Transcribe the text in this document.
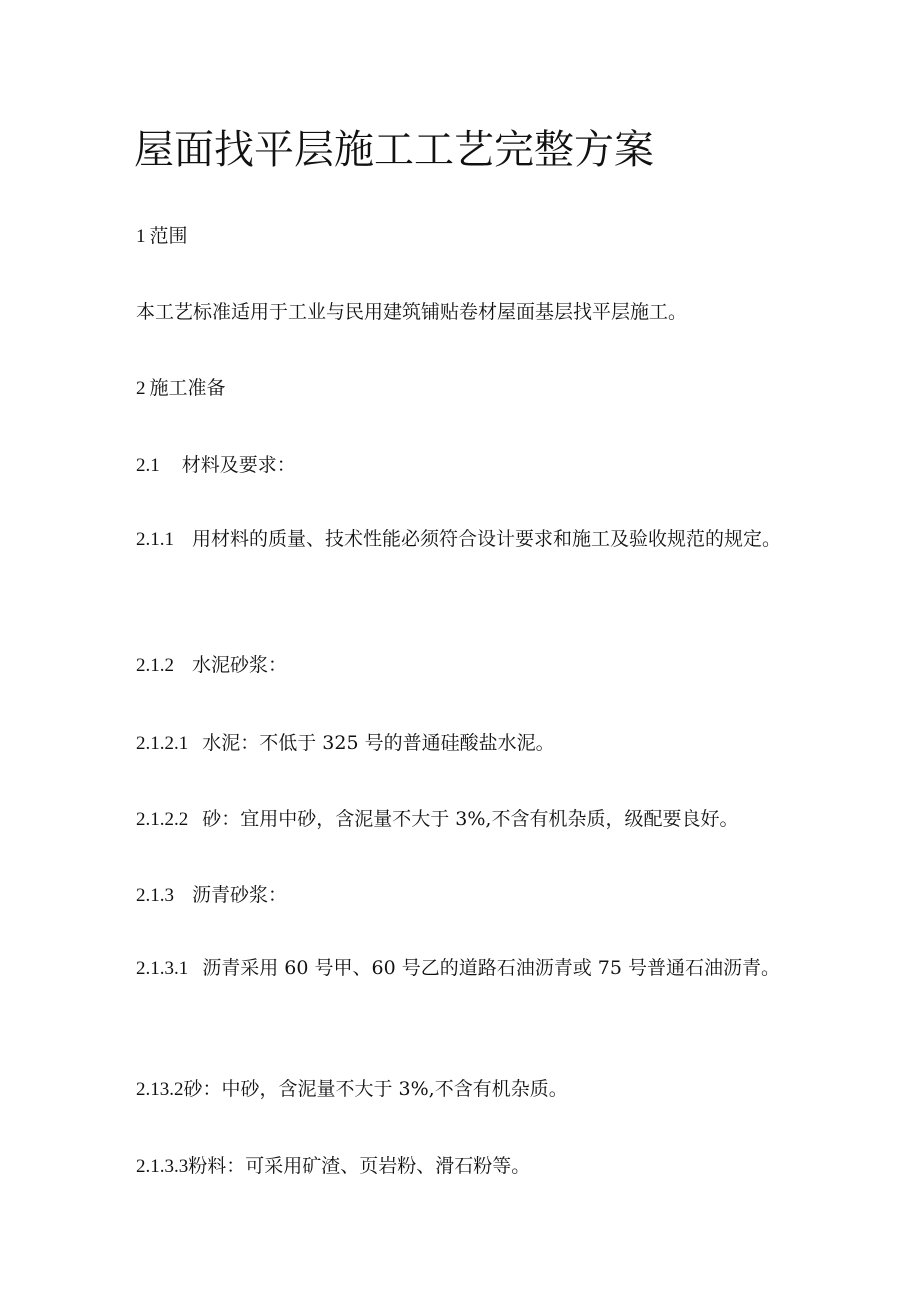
屋面找平层施工工艺完整方案

1 范围

本工艺标准适用于工业与民用建筑铺贴卷材屋面基层找平层施工。

2 施工准备

2.1 材料及要求：

2.1.1 用材料的质量、技术性能必须符合设计要求和施工及验收规范的规定。

2.1.2 水泥砂浆：

2.1.2.1 水泥：不低于 325 号的普通硅酸盐水泥。

2.1.2.2 砂：宜用中砂，含泥量不大于 3%,不含有机杂质，级配要良好。

2.1.3 沥青砂浆：

2.1.3.1 沥青采用 60 号甲、60 号乙的道路石油沥青或 75 号普通石油沥青。

2.13.2砂：中砂，含泥量不大于 3%,不含有机杂质。

2.1.3.3粉料：可采用矿渣、页岩粉、滑石粉等。
